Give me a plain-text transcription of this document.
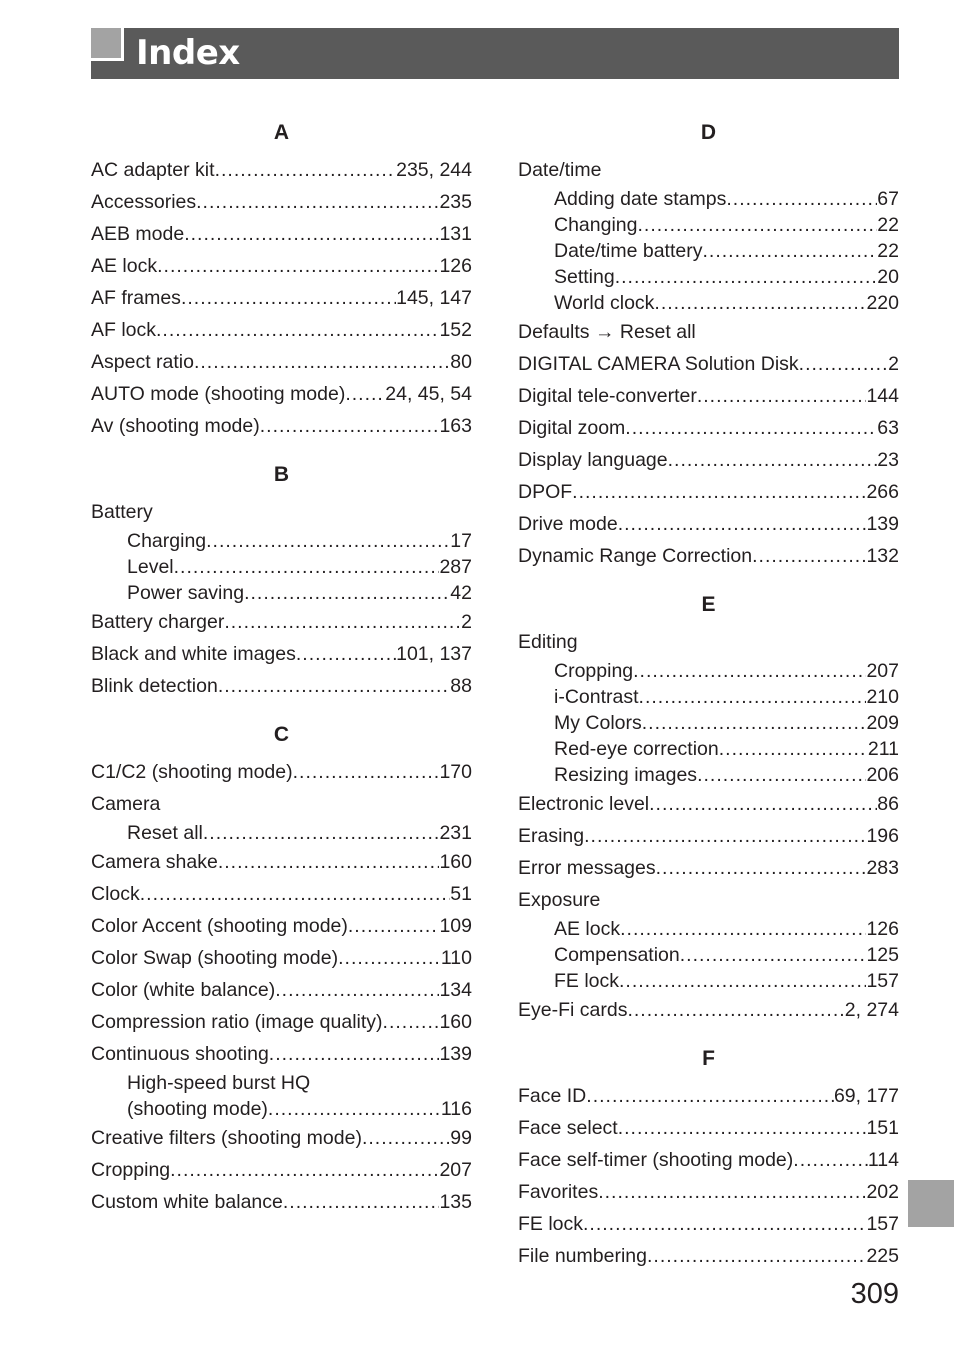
Index
A
AC adapter kit .....	235, 244
Accessories .....	235
AEB mode .....	131
AE lock .....	126
AF frames .....	145, 147
AF lock .....	152
Aspect ratio .....	80
AUTO mode (shooting mode) ..... 24, 45, 54
Av (shooting mode) .....	163
B
Battery
Charging .....	17
Level .....	287
Power saving .....	42
Battery charger .....	2
Black and white images .....	101, 137
Blink detection .....	88
C
C1/C2 (shooting mode) .....	170
Camera
Reset all .....	231
Camera shake .....	160
Clock .....	51
Color Accent (shooting mode) .....	109
Color Swap (shooting mode) .....	110
Color (white balance) .....	134
Compression ratio (image quality) .....	160
Continuous shooting .....	139
High-speed burst HQ
(shooting mode) .....	116
Creative filters (shooting mode) .....	99
Cropping .....	207
Custom white balance .....	135
D
Date/time
Adding date stamps .....	67
Changing .....	22
Date/time battery .....	22
Setting .....	20
World clock .....	220
Defaults → Reset all
DIGITAL CAMERA Solution Disk .....	2
Digital tele-converter .....	144
Digital zoom .....	63
Display language .....	23
DPOF .....	266
Drive mode .....	139
Dynamic Range Correction .....	132
E
Editing
Cropping .....	207
i-Contrast .....	210
My Colors .....	209
Red-eye correction .....	211
Resizing images .....	206
Electronic level .....	86
Erasing .....	196
Error messages .....	283
Exposure
AE lock .....	126
Compensation .....	125
FE lock .....	157
Eye-Fi cards .....	2, 274
F
Face ID .....	69, 177
Face select .....	151
Face self-timer (shooting mode) .....	114
Favorites .....	202
FE lock .....	157
File numbering .....	225
309
